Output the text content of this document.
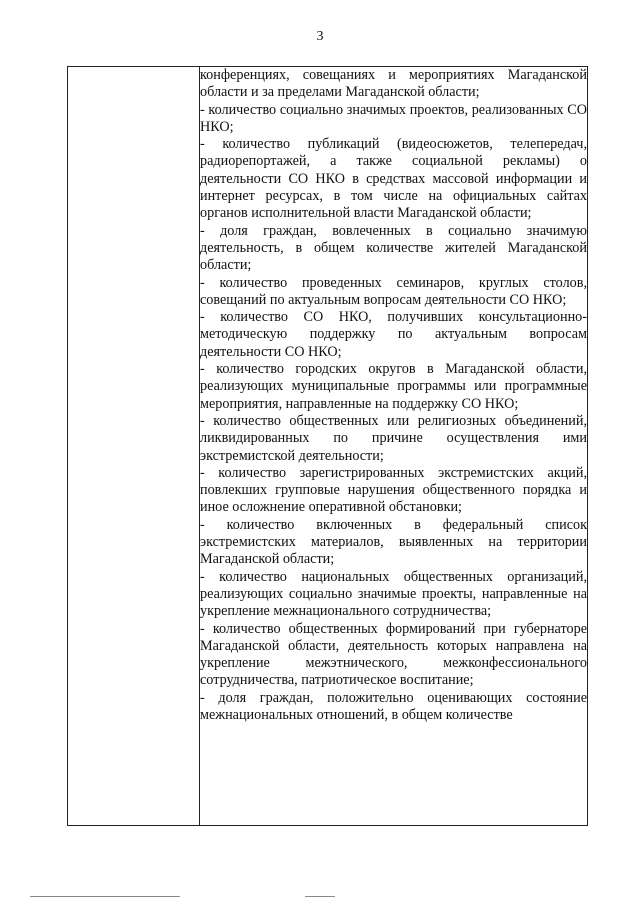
3

конференциях, совещаниях и мероприятиях Магаданской области и за пределами Магаданской области;

- количество социально значимых проектов, реализованных СО НКО;

- количество публикаций (видеосюжетов, телепередач, радиорепортажей, а также социальной рекламы) о деятельности СО НКО в средствах массовой информации и интернет ресурсах, в том числе на официальных сайтах органов исполнительной власти Магаданской области;

- доля граждан, вовлеченных в социально значимую деятельность, в общем количестве жителей Магаданской области;

- количество проведенных семинаров, круглых столов, совещаний по актуальным вопросам деятельности СО НКО;

- количество СО НКО, получивших консультационно-методическую поддержку по актуальным вопросам деятельности СО НКО;

- количество городских округов в Магаданской области, реализующих муниципальные программы или программные мероприятия, направленные на поддержку СО НКО;

- количество общественных или религиозных объединений, ликвидированных по причине осуществления ими экстремистской деятельности;

- количество зарегистрированных экстремистских акций, повлекших групповые нарушения общественного порядка и иное осложнение оперативной обстановки;

- количество включенных в федеральный список экстремистских материалов, выявленных на территории Магаданской области;

- количество национальных общественных организаций, реализующих социально значимые проекты, направленные на укрепление межнационального сотрудничества;

- количество общественных формирований при губернаторе Магаданской области, деятельность которых направлена на укрепление межэтнического, межконфессионального сотрудничества, патриотическое воспитание;

- доля граждан, положительно оценивающих состояние межнациональных отношений, в общем количестве
